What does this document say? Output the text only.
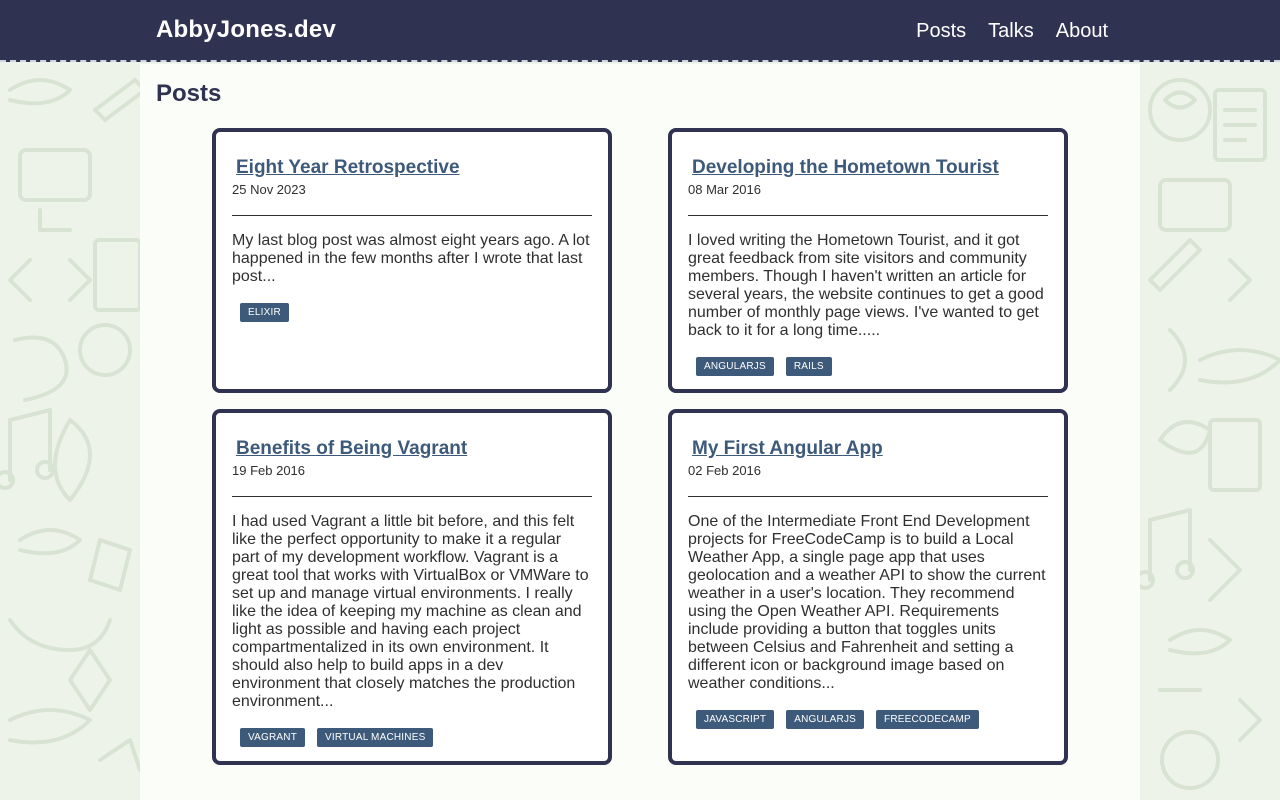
AbbyJones.dev	Posts Talks About
Posts
Eight Year Retrospective
25 Nov 2023

My last blog post was almost eight years ago. A lot happened in the few months after I wrote that last post...

ELIXIR
Developing the Hometown Tourist
08 Mar 2016

I loved writing the Hometown Tourist, and it got great feedback from site visitors and community members. Though I haven't written an article for several years, the website continues to get a good number of monthly page views. I've wanted to get back to it for a long time.....

ANGULARJS	RAILS
Benefits of Being Vagrant
19 Feb 2016

I had used Vagrant a little bit before, and this felt like the perfect opportunity to make it a regular part of my development workflow. Vagrant is a great tool that works with VirtualBox or VMWare to set up and manage virtual environments. I really like the idea of keeping my machine as clean and light as possible and having each project compartmentalized in its own environment. It should also help to build apps in a dev environment that closely matches the production environment...

VAGRANT	VIRTUAL MACHINES
My First Angular App
02 Feb 2016

One of the Intermediate Front End Development projects for FreeCodeCamp is to build a Local Weather App, a single page app that uses geolocation and a weather API to show the current weather in a user's location. They recommend using the Open Weather API. Requirements include providing a button that toggles units between Celsius and Fahrenheit and setting a different icon or background image based on weather conditions...

JAVASCRIPT	ANGULARJS	FREECODECAMP
